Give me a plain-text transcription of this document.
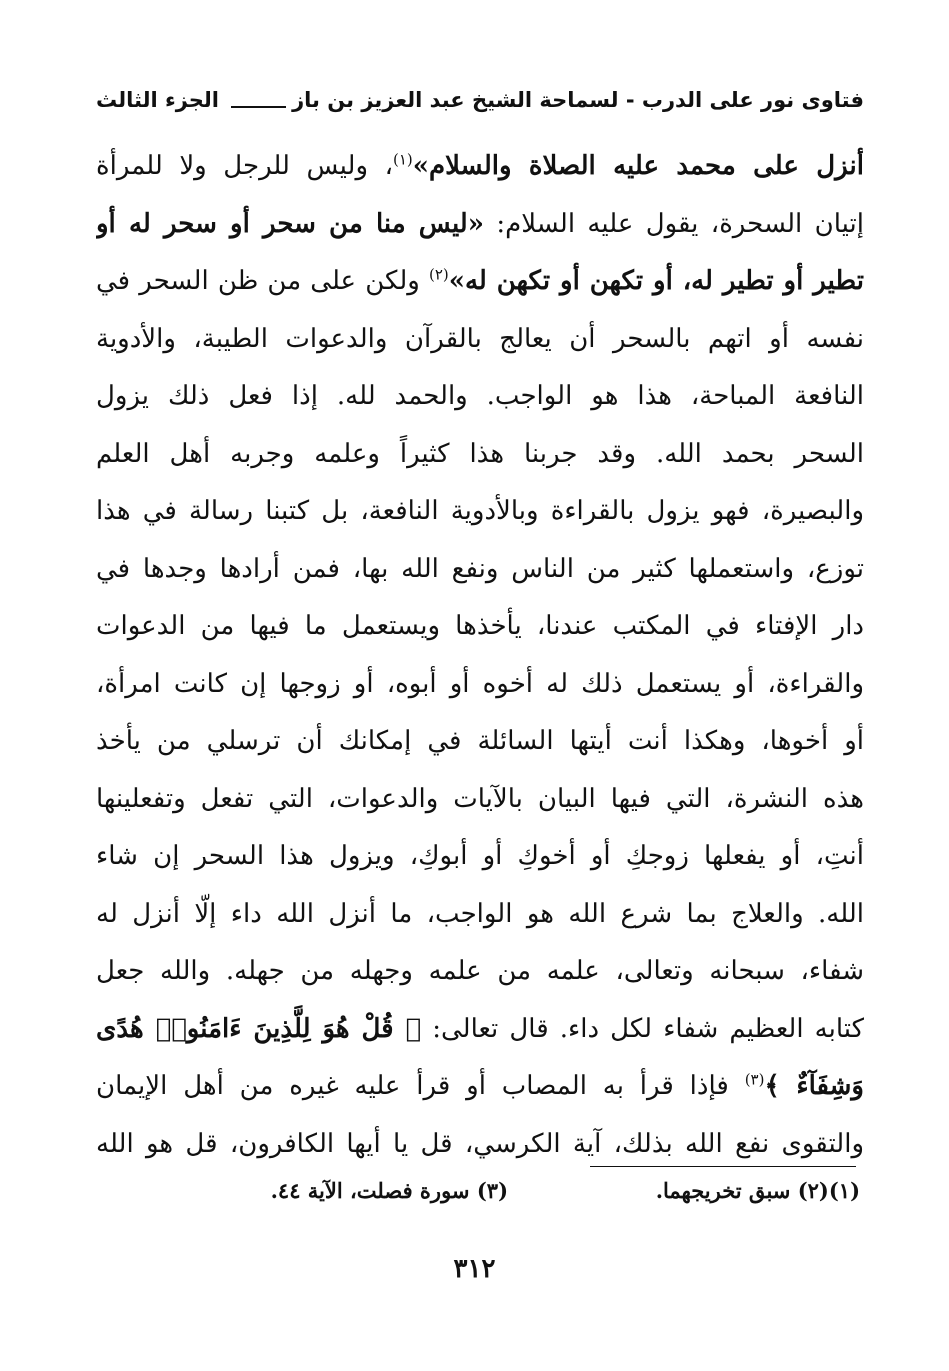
فتاوى نور على الدرب - لسماحة الشيخ عبد العزيز بن باز
الجزء الثالث
أنزل على محمد عليه الصلاة والسلام»$^{(١)}$، وليس للرجل ولا للمرأة
إتيان السحرة، يقول عليه السلام: «ليس منا من سحر أو سحر له أو
تطير أو تطير له، أو تكهن أو تكهن له»$^{(٢)}$ ولكن على من ظن السحر في
نفسه أو اتهم بالسحر أن يعالج بالقرآن والدعوات الطيبة، والأدوية
النافعة المباحة، هذا هو الواجب. والحمد لله. إذا فعل ذلك يزول
السحر بحمد الله. وقد جربنا هذا كثيراً وعلمه وجربه أهل العلم
والبصيرة، فهو يزول بالقراءة وبالأدوية النافعة، بل كتبنا رسالة في هذا
توزع، واستعملها كثير من الناس ونفع الله بها، فمن أرادها وجدها في
دار الإفتاء في المكتب عندنا، يأخذها ويستعمل ما فيها من الدعوات
والقراءة، أو يستعمل ذلك له أخوه أو أبوه، أو زوجها إن كانت امرأة،
أو أخوها، وهكذا أنت أيتها السائلة في إمكانك أن ترسلي من يأخذ
هذه النشرة، التي فيها البيان بالآيات والدعوات، التي تفعل وتفعلينها
أنتِ، أو يفعلها زوجكِ أو أخوكِ أو أبوكِ، ويزول هذا السحر إن شاء
الله. والعلاج بما شرع الله هو الواجب، ما أنزل الله داء إلّا أنزل له
شفاء، سبحانه وتعالى، علمه من علمه وجهله من جهله. والله جعل
كتابه العظيم شفاء لكل داء. قال تعالى: ﴿ قُلْ هُوَ لِلَّذِينَ ءَامَنُوا۟ هُدًى
وَشِفَآءٌ ﴾$^{(٣)}$ فإذا قرأ به المصاب أو قرأ عليه غيره من أهل الإيمان
والتقوى نفع الله بذلك، آية الكرسي، قل يا أيها الكافرون، قل هو الله
(١)(٢) سبق تخريجهما.
(٣) سورة فصلت، الآية ٤٤.
٣١٢
